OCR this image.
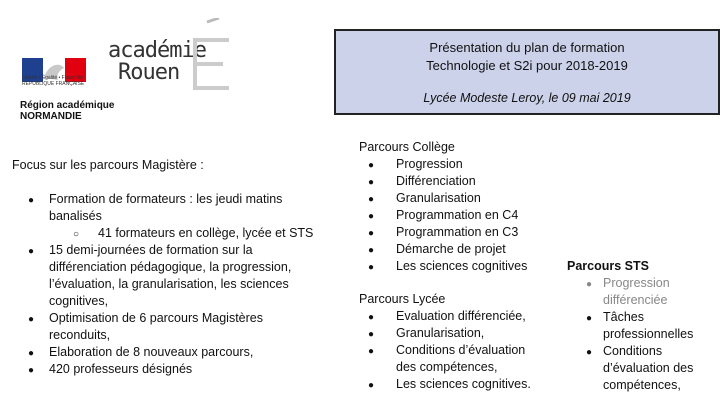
Liberté • Égalité • Fraternité
RÉPUBLIQUE FRANÇAISE
Région académique
NORMANDIE
académie
Rouen
Présentation du plan de formation
Technologie et S2i pour 2018-2019
Lycée Modeste Leroy, le 09 mai 2019
Focus sur les parcours Magistère :
● Formation de formateurs : les jeudi matins
banalisés
○ 41 formateurs en collège, lycée et STS
● 15 demi-journées de formation sur la
différenciation pédagogique, la progression,
l’évaluation, la granularisation, les sciences
cognitives,
● Optimisation de 6 parcours Magistères
reconduits,
● Elaboration de 8 nouveaux parcours,
● 420 professeurs désignés
Parcours Collège
● Progression
● Différenciation
● Granularisation
● Programmation en C4
● Programmation en C3
● Démarche de projet
● Les sciences cognitives
Parcours Lycée
● Evaluation différenciée,
● Granularisation,
● Conditions d’évaluation
des compétences,
● Les sciences cognitives.
Parcours STS
● Progression
différenciée
● Tâches
professionnelles
● Conditions
d’évaluation des
compétences,
